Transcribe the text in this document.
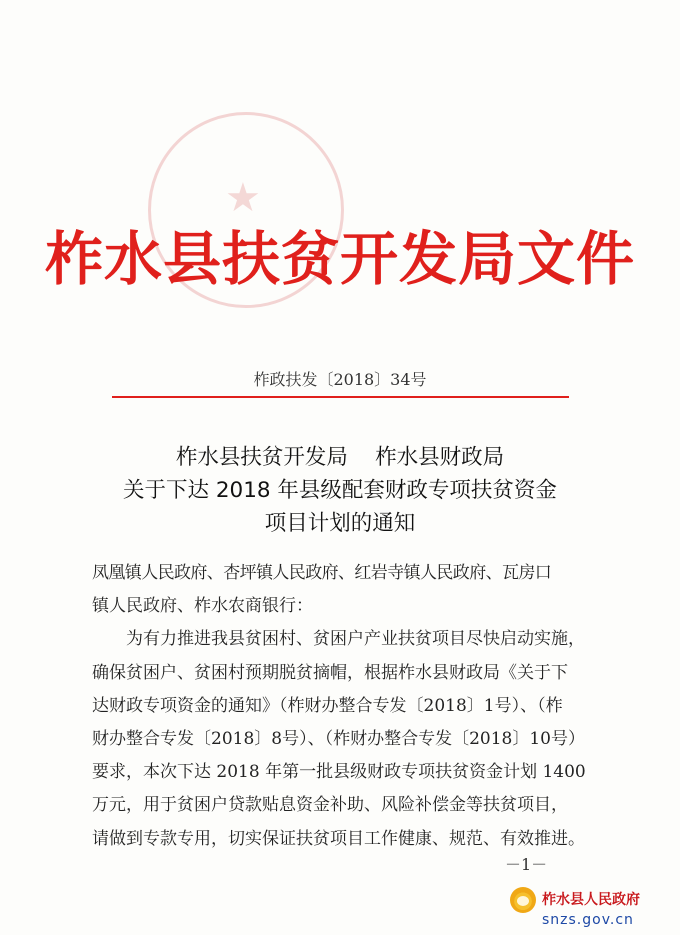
★
柞水县扶贫开发局文件
柞政扶发〔2018〕34号
柞水县扶贫开发局    柞水县财政局
关于下达 2018 年县级配套财政专项扶贫资金
项目计划的通知

凤凰镇人民政府、杏坪镇人民政府、红岩寺镇人民政府、瓦房口

镇人民政府、柞水农商银行：

为有力推进我县贫困村、贫困户产业扶贫项目尽快启动实施，

确保贫困户、贫困村预期脱贫摘帽，根据柞水县财政局《关于下

达财政专项资金的通知》（柞财办整合专发〔2018〕1号）、（柞

财办整合专发〔2018〕8号）、（柞财办整合专发〔2018〕10号）

要求，本次下达 2018 年第一批县级财政专项扶贫资金计划 1400

万元，用于贫困户贷款贴息资金补助、风险补偿金等扶贫项目，

请做到专款专用，切实保证扶贫项目工作健康、规范、有效推进。

－1－
柞水县人民政府
snzs.gov.cn
